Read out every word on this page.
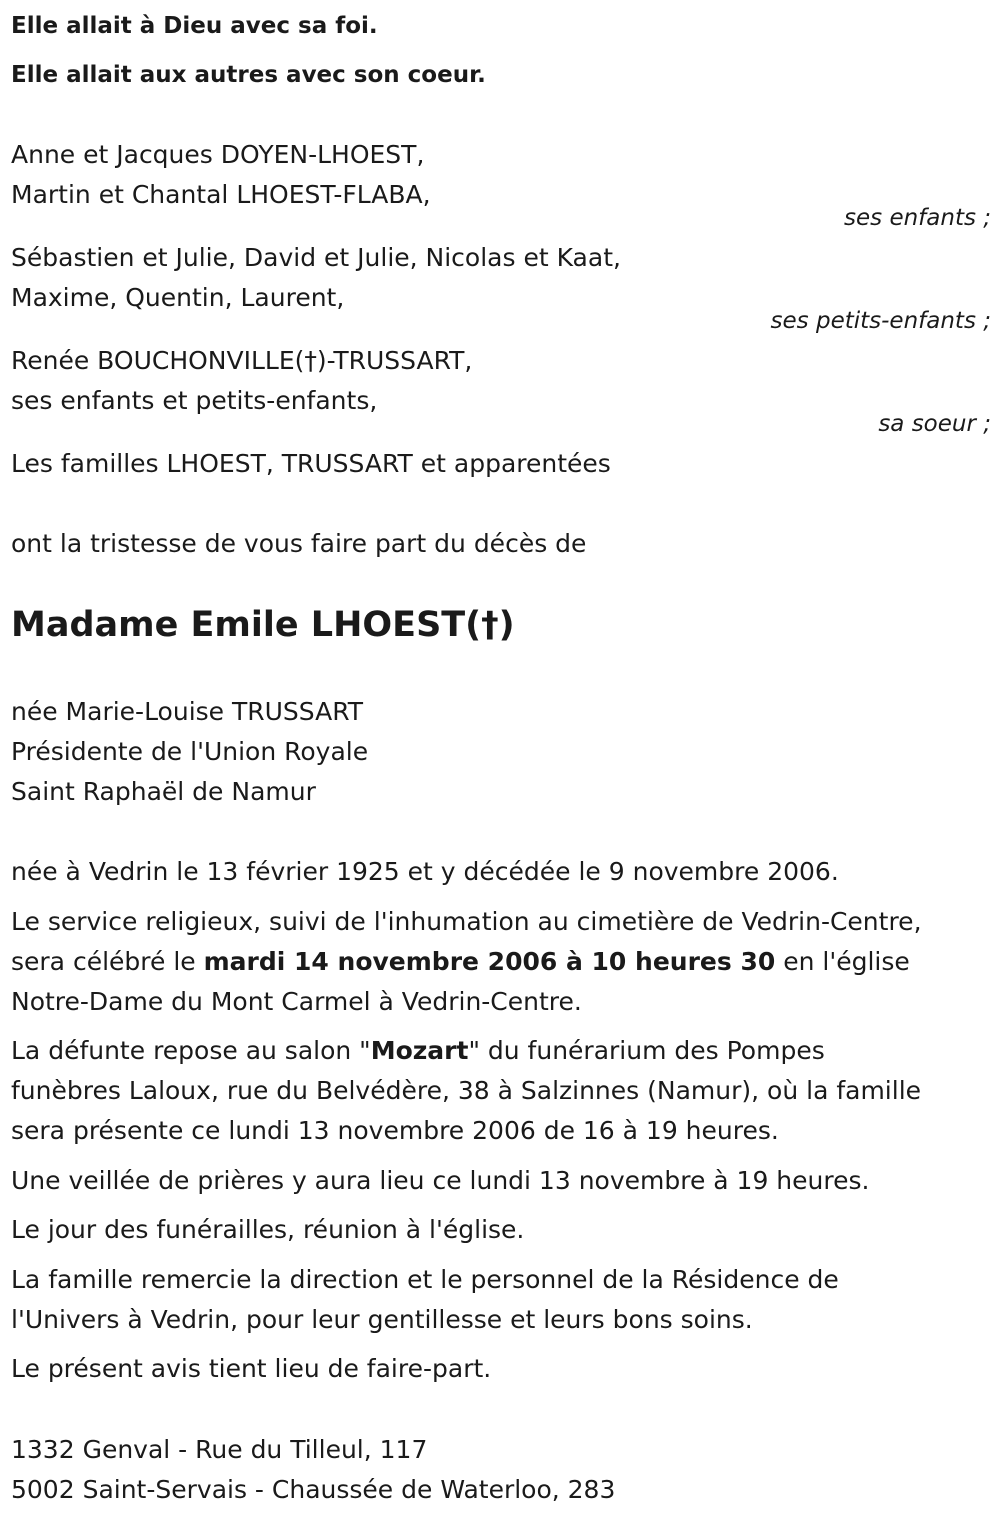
Elle allait à Dieu avec sa foi.
Elle allait aux autres avec son coeur.
Anne et Jacques DOYEN-LHOEST,
Martin et Chantal LHOEST-FLABA,
ses enfants ;
Sébastien et Julie, David et Julie, Nicolas et Kaat,
Maxime, Quentin, Laurent,
ses petits-enfants ;
Renée BOUCHONVILLE(†)-TRUSSART,
ses enfants et petits-enfants,
sa soeur ;
Les familles LHOEST, TRUSSART et apparentées
ont la tristesse de vous faire part du décès de
Madame Emile LHOEST(†)
née Marie-Louise TRUSSART
Présidente de l'Union Royale
Saint Raphaël de Namur
née à Vedrin le 13 février 1925 et y décédée le 9 novembre 2006.
Le service religieux, suivi de l'inhumation au cimetière de Vedrin-Centre,
sera célébré le mardi 14 novembre 2006 à 10 heures 30 en l'église
Notre-Dame du Mont Carmel à Vedrin-Centre.
La défunte repose au salon "Mozart" du funérarium des Pompes
funèbres Laloux, rue du Belvédère, 38 à Salzinnes (Namur), où la famille
sera présente ce lundi 13 novembre 2006 de 16 à 19 heures.
Une veillée de prières y aura lieu ce lundi 13 novembre à 19 heures.
Le jour des funérailles, réunion à l'église.
La famille remercie la direction et le personnel de la Résidence de
l'Univers à Vedrin, pour leur gentillesse et leurs bons soins.
Le présent avis tient lieu de faire-part.
1332 Genval - Rue du Tilleul, 117
5002 Saint-Servais - Chaussée de Waterloo, 283
